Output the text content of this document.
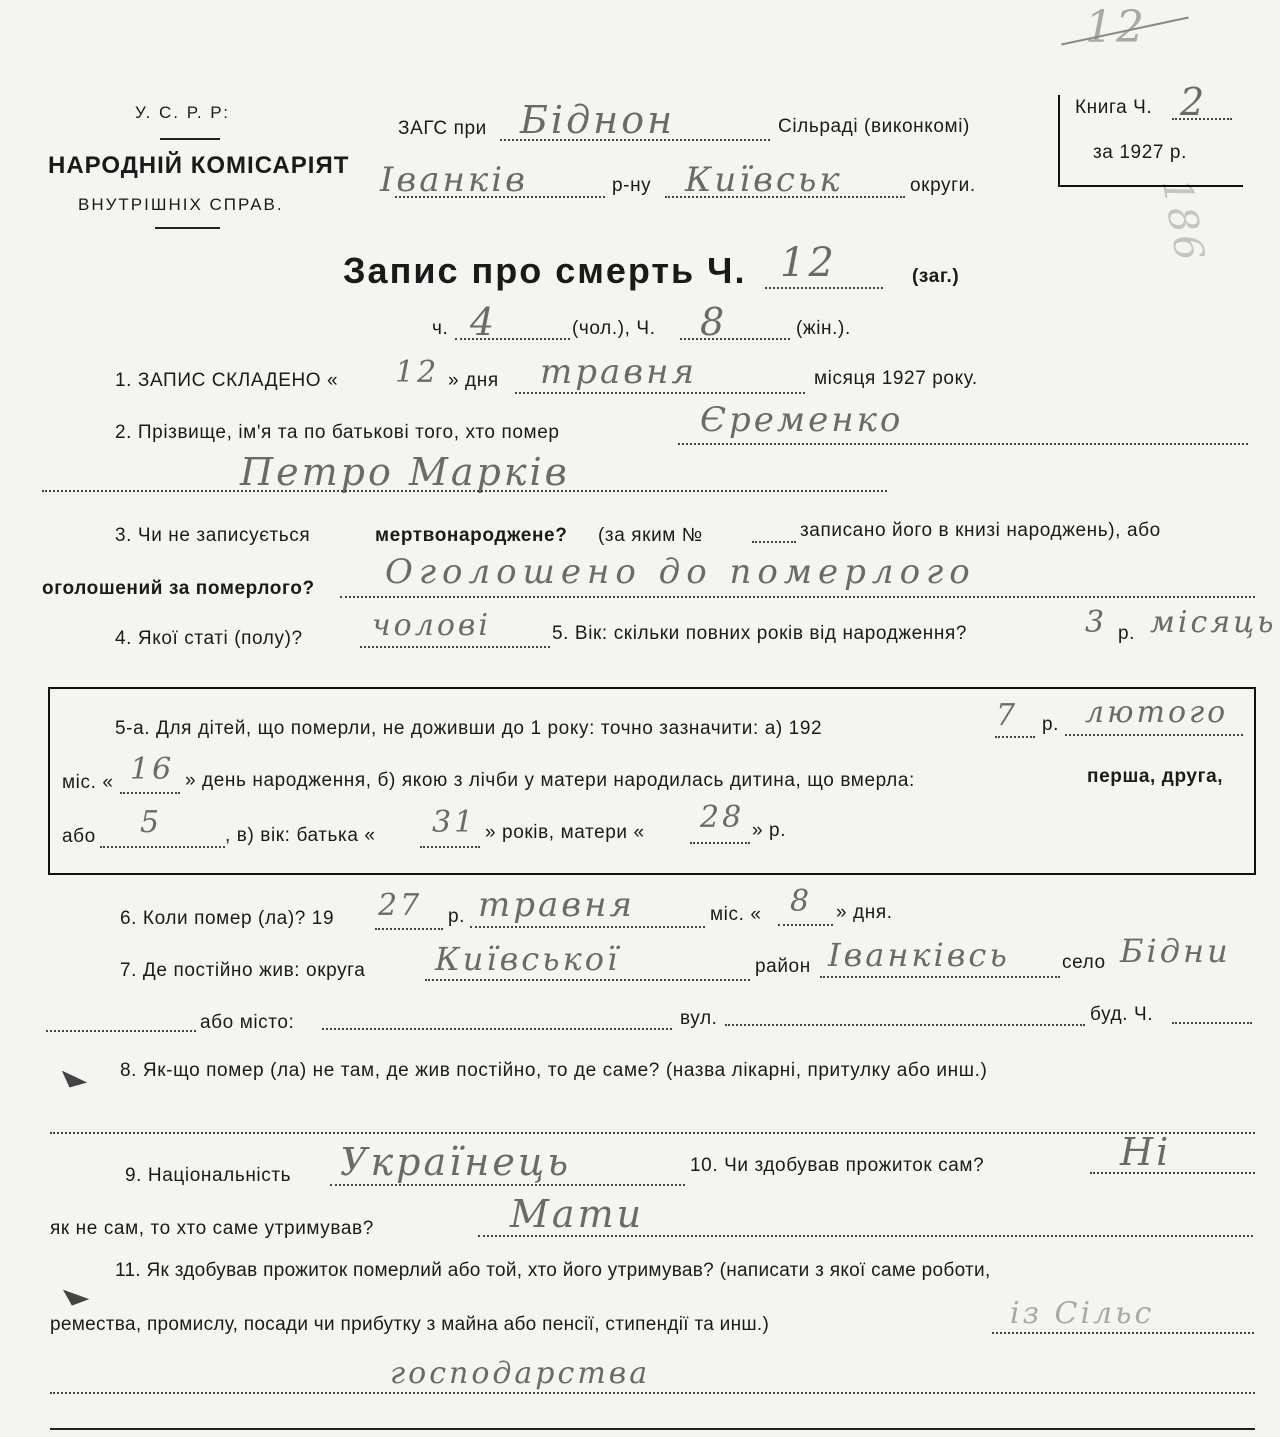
12
186
У. С. Р. Р:
НАРОДНІЙ КОМІСАРІЯТ
ВНУТРІШНІХ СПРАВ.
ЗАГС при Біднон	Сільраді (виконкомі)
Іванків	р-ну Київськ	округи.
Книга Ч. 2
за 1927 р.
Запис про смерть Ч. 12	(заг.)
ч. 4	(чол.), Ч. 8	(жін.).
1. ЗАПИС СКЛАДЕНО « 12 » дня травня	місяця 1927 року.
2. Прізвище, ім'я та по батькові того, хто помер	Єременко
Петро Марків
3. Чи не записується	мертвонароджене? (за яким №	записано його в книзі народжень), або
оголошений за померлого? Оголошено до померлого
4. Якої статі (полу)? чолові	5. Вік: скільки повних років від народження?	3 р. місяць
5-а. Для дітей, що померли, не доживши до 1 року: точно зазначити: а) 192	7 р. лютого
міс. « 16 » день народження, б) якою з лічби у матери народилась дитина, що вмерла:	перша, друга,
або 5	, в) вік: батька « 31 » років, матери « 28 » р.
6. Коли помер (ла)? 19 27 р. травня	міс. « 8 » дня.
7. Де постійно жив: округа Київської	район Іванківсь	село Бідни
або місто:	вул.	буд. Ч.
8. Як-що помер (ла) не там, де жив постійно, то де саме? (назва лікарні, притулку або инш.)
9. Національність Українець	10. Чи здобував прожиток сам?	Ні
як не сам, то хто саме утримував?	Мати
11. Як здобував прожиток померлий або той, хто його утримував? (написати з якої саме роботи,
ремества, промислу, посади чи прибутку з майна або пенсії, стипендії та инш.)	із Сільс
господарства
